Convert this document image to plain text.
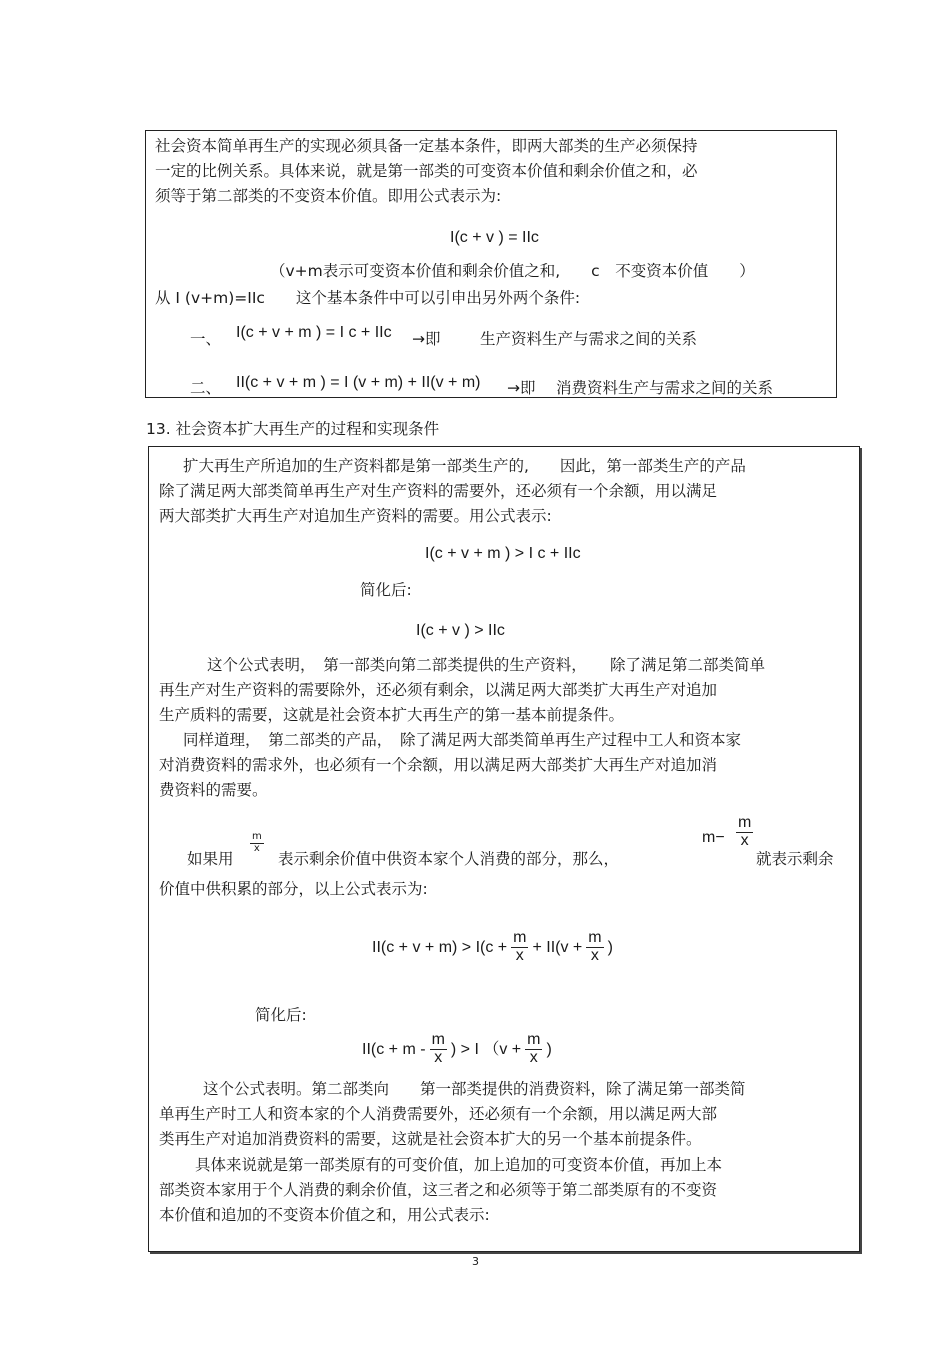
社会资本简单再生产的实现必须具备一定基本条件，即两大部类的生产必须保持
一定的比例关系。具体来说，就是第一部类的可变资本价值和剩余价值之和，必
须等于第二部类的不变资本价值。即用公式表示为:
I(c + v ) = IIc
（v+m表示可变资本价值和剩余价值之和,　　c　不变资本价值　　）
从 I (v+m)=IIc　　这个基本条件中可以引申出另外两个条件:
一、 I(c + v + m ) = I c + IIc →即	生产资料生产与需求之间的关系
二、 II(c + v + m ) = I (v + m) + II(v + m) →即 消费资料生产与需求之间的关系
13. 社会资本扩大再生产的过程和实现条件
扩大再生产所追加的生产资料都是第一部类生产的,　　因此，第一部类生产的产品
除了满足两大部类简单再生产对生产资料的需要外，还必须有一个余额，用以满足
两大部类扩大再生产对追加生产资料的需要。用公式表示:
I(c + v + m ) > I c + IIc
简化后:
I(c + v ) > IIc
这个公式表明，　第一部类向第二部类提供的生产资料，　　除了满足第二部类简单
再生产对生产资料的需要除外，还必须有剩余，以满足两大部类扩大再生产对追加
生产质料的需要，这就是社会资本扩大再生产的第一基本前提条件。
同样道理，　第二部类的产品，　除了满足两大部类简单再生产过程中工人和资本家
对消费资料的需求外，也必须有一个余额，用以满足两大部类扩大再生产对追加消
费资料的需要。
如果用
$\frac{m}{x}$
表示剩余价值中供资本家个人消费的部分，那么，
$m- \frac{m}{x}$
就表示剩余
价值中供积累的部分，以上公式表示为:
$II(c + v + m) > I(c + \frac{m}{x} + II(v + \frac{m}{x}$ )
简化后:
$II(c + m - \frac{m}{x}$ ) > I （$v + \frac{m}{x}$ )
这个公式表明。第二部类向　　第一部类提供的消费资料，除了满足第一部类简
单再生产时工人和资本家的个人消费需要外，还必须有一个余额，用以满足两大部
类再生产对追加消费资料的需要，这就是社会资本扩大的另一个基本前提条件。
具体来说就是第一部类原有的可变价值，加上追加的可变资本价值，再加上本
部类资本家用于个人消费的剩余价值，这三者之和必须等于第二部类原有的不变资
本价值和追加的不变资本价值之和，用公式表示:
3
